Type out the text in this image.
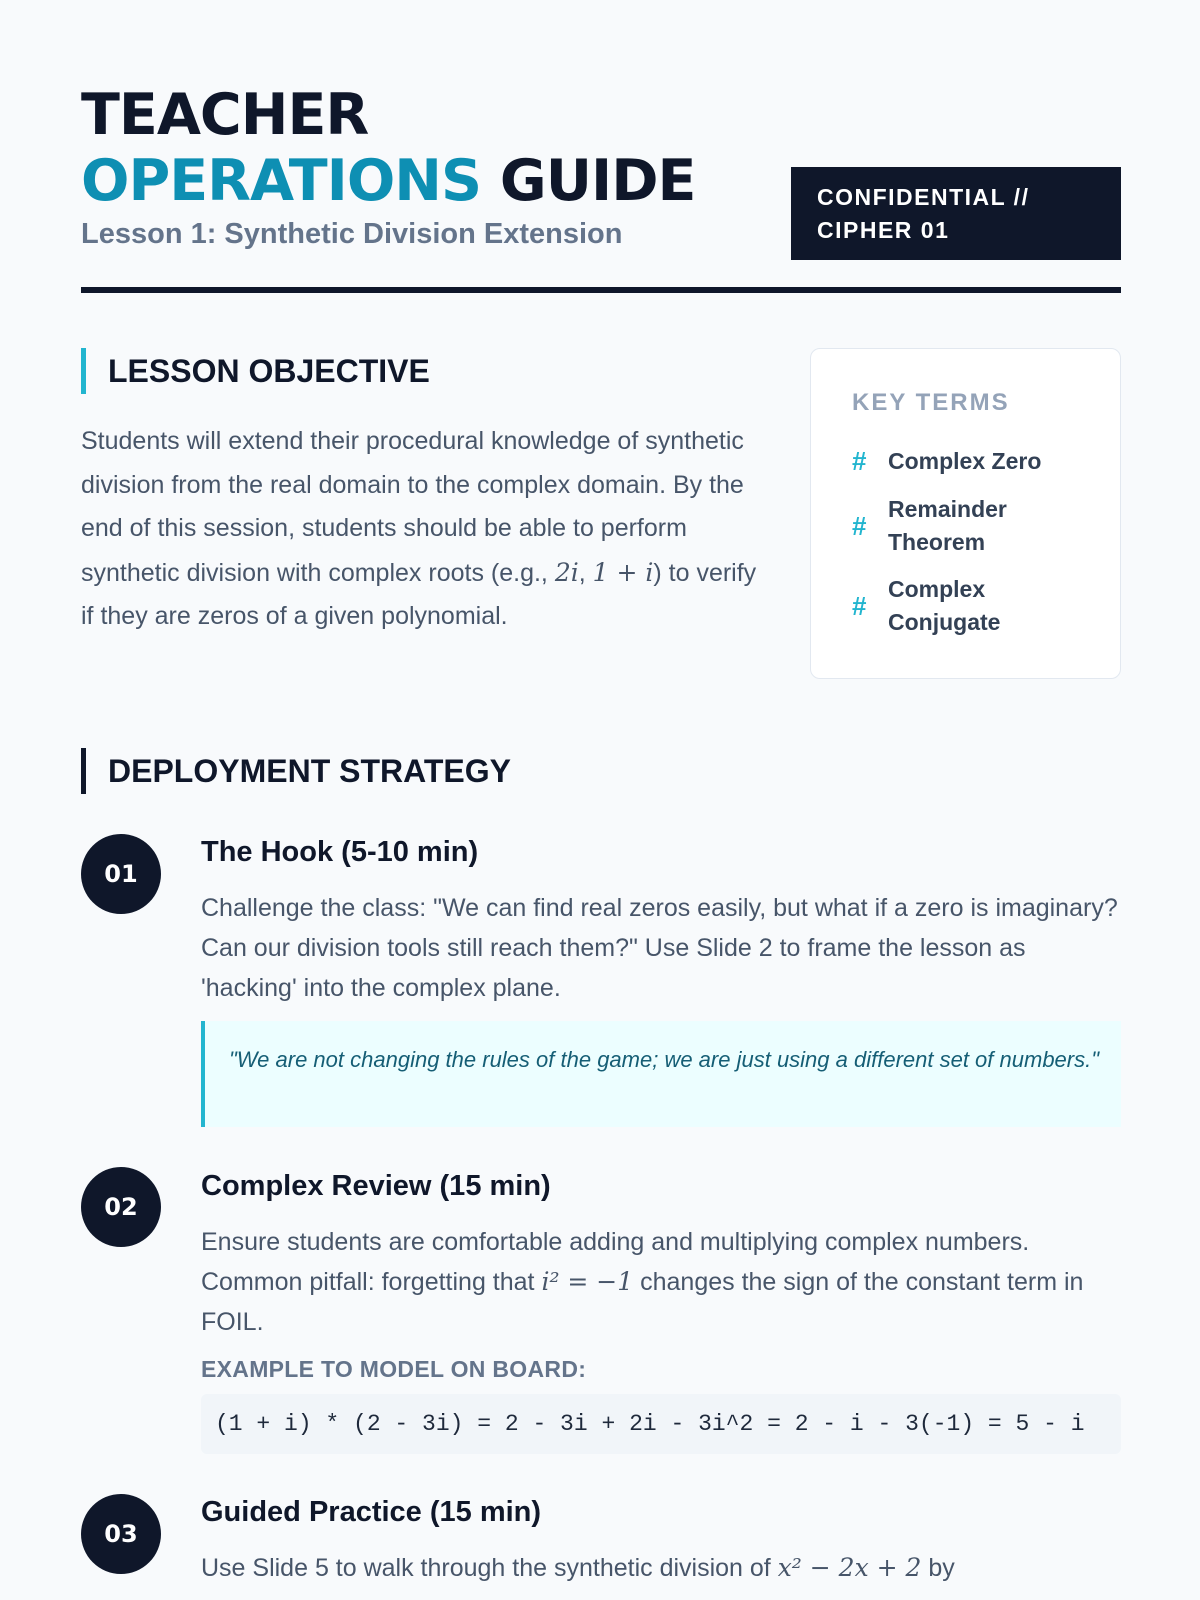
TEACHER
OPERATIONS GUIDE
Lesson 1: Synthetic Division Extension
CONFIDENTIAL //
CIPHER 01
LESSON OBJECTIVE

Students will extend their procedural knowledge of synthetic division from the real domain to the complex domain. By the end of this session, students should be able to perform synthetic division with complex roots (e.g., 2i, 1 + i) to verify if they are zeros of a given polynomial.

KEY TERMS
# Complex Zero
#
Remainder Theorem
#
Complex Conjugate
DEPLOYMENT STRATEGY
01
The Hook (5-10 min)

Challenge the class: "We can find real zeros easily, but what if a zero is imaginary? Can our division tools still reach them?" Use Slide 2 to frame the lesson as 'hacking' into the complex plane.

"We are not changing the rules of the game; we are just using a different set of numbers."
02
Complex Review (15 min)

Ensure students are comfortable adding and multiplying complex numbers. Common pitfall: forgetting that i² = −1 changes the sign of the constant term in FOIL.

EXAMPLE TO MODEL ON BOARD:
(1 + i) * (2 - 3i) = 2 - 3i + 2i - 3i^2 = 2 - i - 3(-1) = 5 - i
03
Guided Practice (15 min)

Use Slide 5 to walk through the synthetic division of x² − 2x + 2 by
